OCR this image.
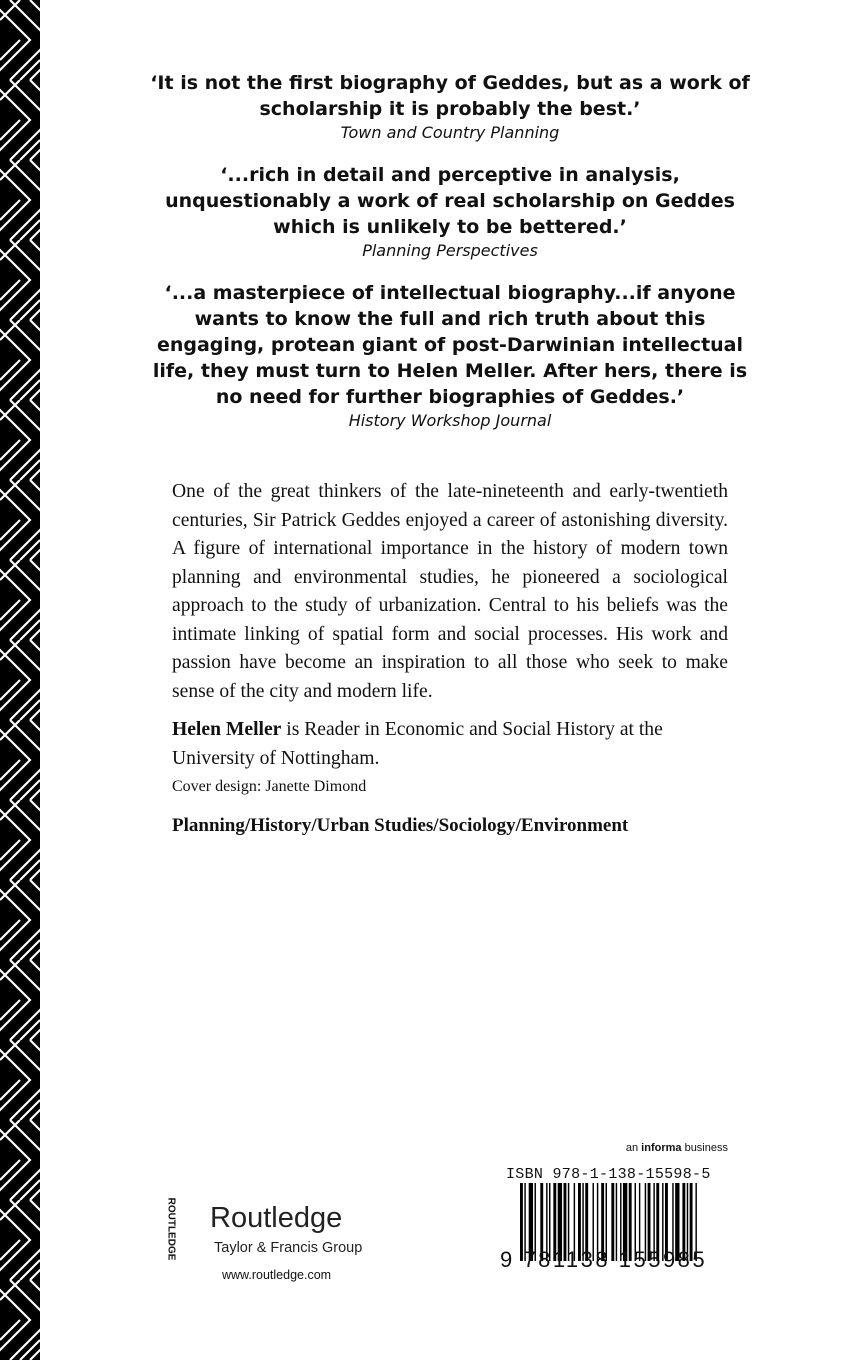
‘It is not the first biography of Geddes, but as a work of scholarship it is probably the best.’
Town and Country Planning
‘...rich in detail and perceptive in analysis, unquestionably a work of real scholarship on Geddes which is unlikely to be bettered.’
Planning Perspectives
‘...a masterpiece of intellectual biography...if anyone wants to know the full and rich truth about this engaging, protean giant of post-Darwinian intellectual life, they must turn to Helen Meller. After hers, there is no need for further biographies of Geddes.’
History Workshop Journal

One of the great thinkers of the late-nineteenth and early-twentieth centuries, Sir Patrick Geddes enjoyed a career of astonishing diversity. A figure of international importance in the history of modern town planning and environmental studies, he pioneered a sociological approach to the study of urbanization. Central to his beliefs was the intimate linking of spatial form and social processes. His work and passion have become an inspiration to all those who seek to make sense of the city and modern life.

Helen Meller is Reader in Economic and Social History at the University of Nottingham.

Cover design: Janette Dimond

Planning/History/Urban Studies/Sociology/Environment

an informa business
ISBN 978-1-138-15598-5
9 781138 155985
ROUTLEDGE Routledge
Taylor & Francis Group
www.routledge.com
